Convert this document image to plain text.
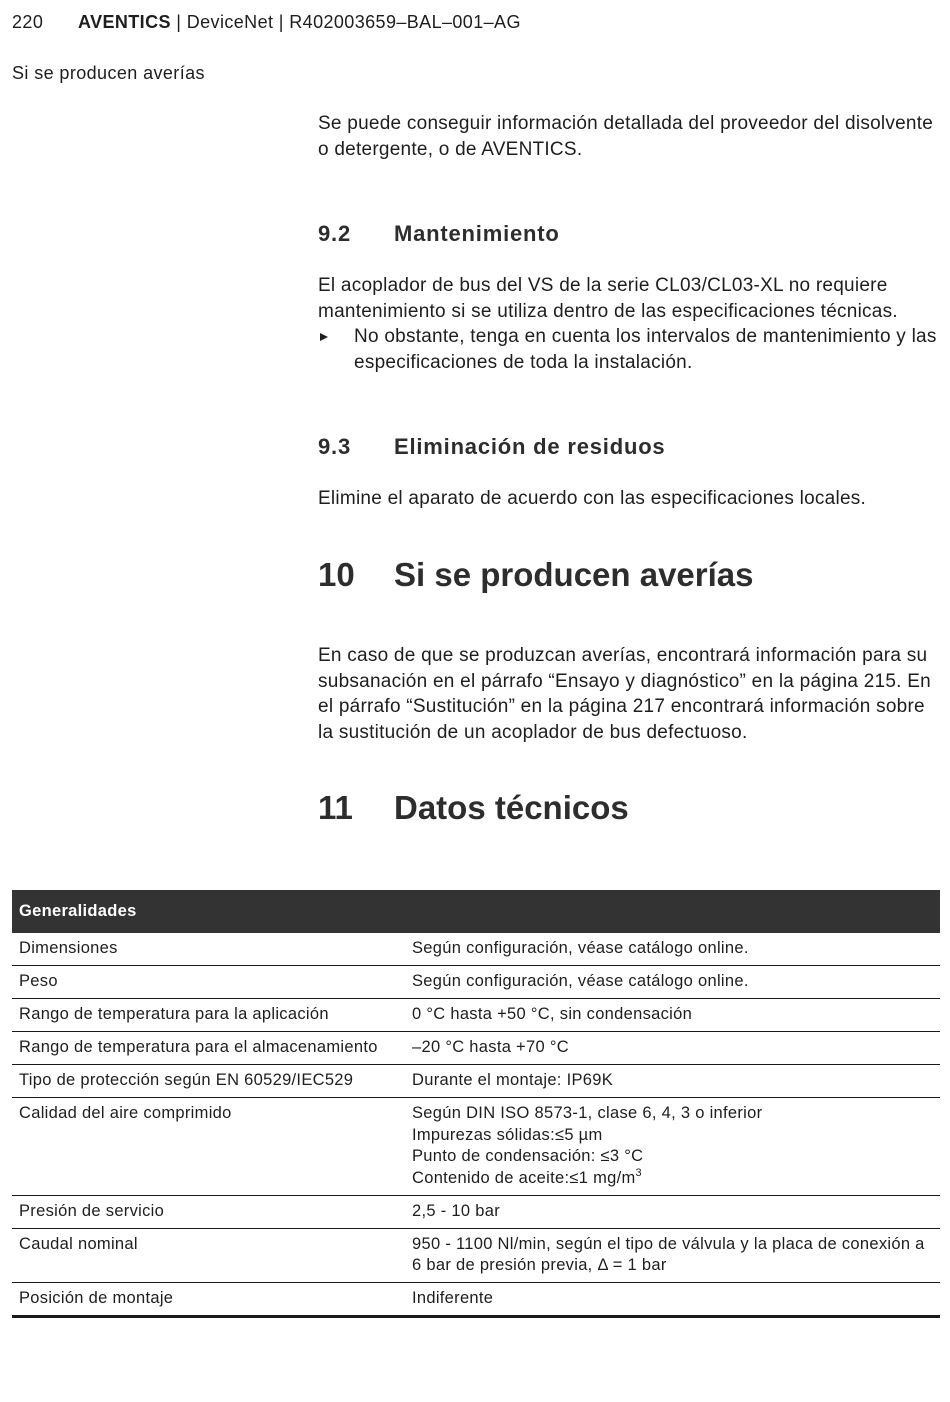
220 AVENTICS | DeviceNet | R402003659–BAL–001–AG
Si se producen averías
Se puede conseguir información detallada del proveedor del disolvente
o detergente, o de AVENTICS.
9.2 Mantenimiento
El acoplador de bus del VS de la serie CL03/CL03-XL no requiere
mantenimiento si se utiliza dentro de las especificaciones técnicas.
No obstante, tenga en cuenta los intervalos de mantenimiento y las
especificaciones de toda la instalación.
9.3 Eliminación de residuos
Elimine el aparato de acuerdo con las especificaciones locales.
10 Si se producen averías
En caso de que se produzcan averías, encontrará información para su
subsanación en el párrafo “Ensayo y diagnóstico” en la página 215. En
el párrafo “Sustitución” en la página 217 encontrará información sobre
la sustitución de un acoplador de bus defectuoso.
11 Datos técnicos
Generalidades	
Dimensiones	Según configuración, véase catálogo online.
Peso	Según configuración, véase catálogo online.
Rango de temperatura para la aplicación	0 °C hasta +50 °C, sin condensación
Rango de temperatura para el almacenamiento	–20 °C hasta +70 °C
Tipo de protección según EN 60529/IEC529	Durante el montaje: IP69K
Calidad del aire comprimido	Según DIN ISO 8573-1, clase 6, 4, 3 o inferior
Impurezas sólidas:≤5 µm
Punto de condensación: ≤3 °C
Contenido de aceite:≤1 $mg/m^3$

Presión de servicio	2,5 - 10 bar
Caudal nominal	950 - 1100 Nl/min, según el tipo de válvula y la placa de conexión a
6 bar de presión previa, Δ = 1 bar

Posición de montaje	Indiferente
